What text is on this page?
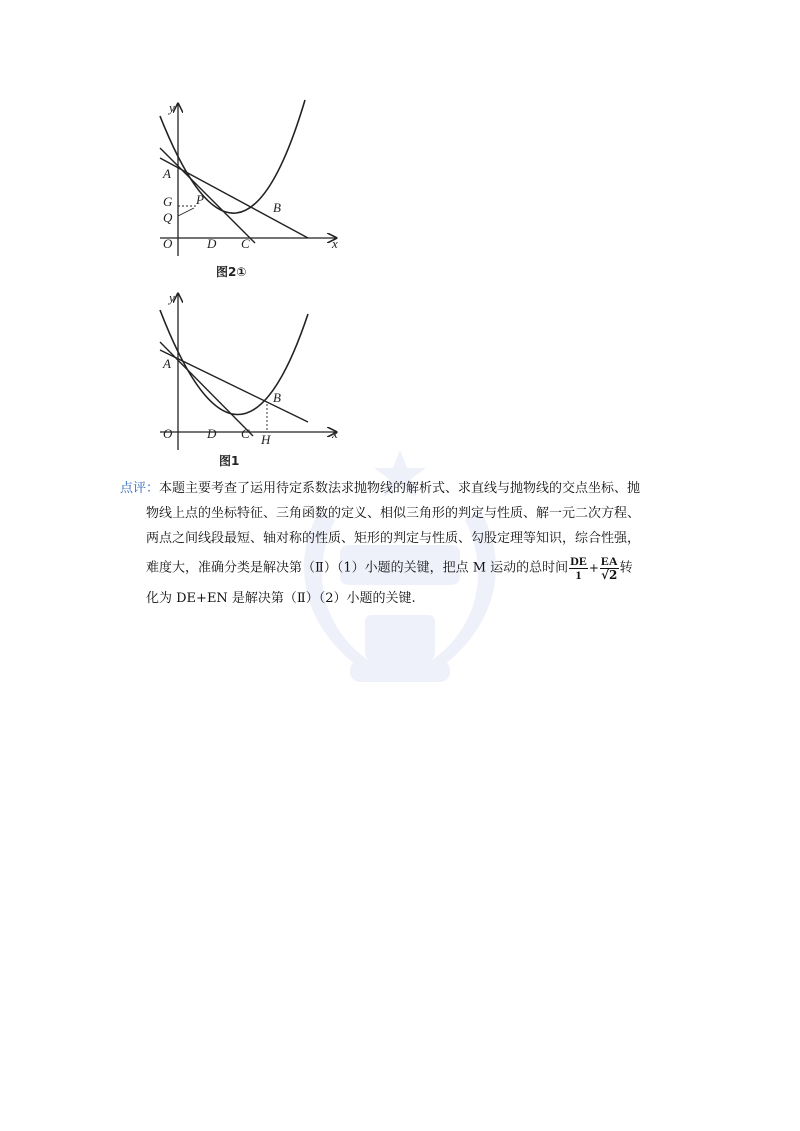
y
x
A
G
Q
P
B
O	D C
图2①
y
x
A
B
O	D C H
图1
点评：本题主要考查了运用待定系数法求抛物线的解析式、求直线与抛物线的交点坐标、抛
物线上点的坐标特征、三角函数的定义、相似三角形的判定与性质、解一元二次方程、
两点之间线段最短、轴对称的性质、矩形的判定与性质、勾股定理等知识，综合性强，
难度大，准确分类是解决第（Ⅱ）（1）小题的关键，把点 M 运动的总时间 $\frac{DE}{1} + \frac{EA}{√2}$ 转
化为 DE+EN 是解决第（Ⅱ）（2）小题的关键.
